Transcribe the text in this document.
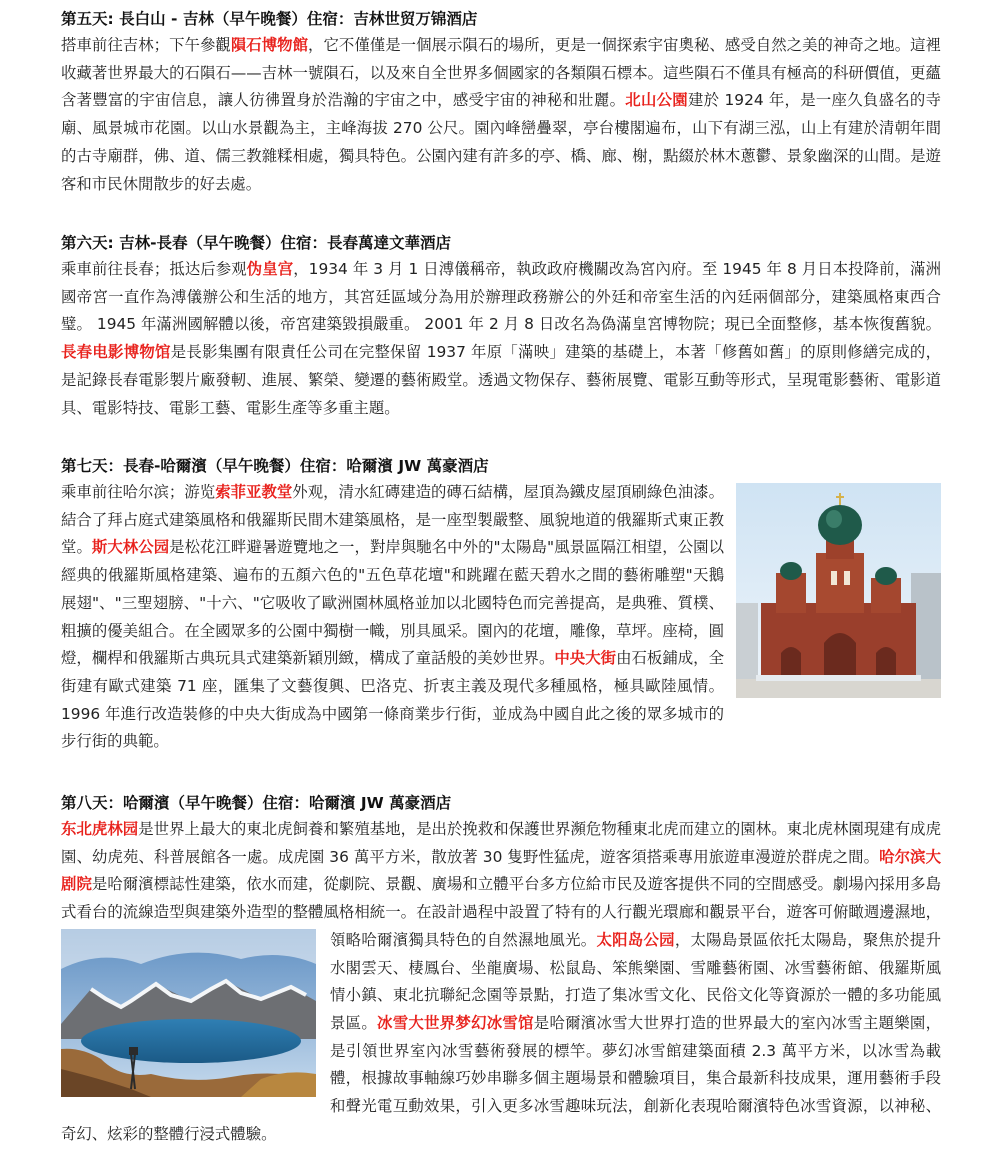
第五天: 長白山 - 吉林（早午晚餐）住宿：吉林世贸万锦酒店

搭車前往吉林；下午參觀隕石博物館，它不僅僅是一個展示隕石的場所，更是一個探索宇宙奧秘、感受自然之美的神奇之地。這裡收藏著世界最大的石隕石——吉林一號隕石，以及來自全世界多個國家的各類隕石標本。這些隕石不僅具有極高的科研價值，更蘊含著豐富的宇宙信息，讓人彷彿置身於浩瀚的宇宙之中，感受宇宙的神秘和壯麗。北山公園建於 1924 年，是一座久負盛名的寺廟、風景城市花園。以山水景觀為主，主峰海拔 270 公尺。園內峰巒疊翠，亭台樓閣遍布，山下有湖三泓，山上有建於清朝年間的古寺廟群，佛、道、儒三教雜糅相處，獨具特色。公園內建有許多的亭、橋、廊、榭，點綴於林木蔥鬱、景象幽深的山間。是遊客和市民休閒散步的好去處。

第六天: 吉林-長春（早午晚餐）住宿：長春萬達文華酒店

乘車前往長春；抵达后参观伪皇宫，1934 年 3 月 1 日溥儀稱帝，執政政府機關改為宮內府。至 1945 年 8 月日本投降前，滿洲國帝宮一直作為溥儀辦公和生活的地方，其宮廷區域分為用於辦理政務辦公的外廷和帝室生活的內廷兩個部分，建築風格東西合璧。 1945 年滿洲國解體以後，帝宮建築毀損嚴重。 2001 年 2 月 8 日改名為偽滿皇宮博物院；現已全面整修，基本恢復舊貌。長春电影博物馆是長影集團有限責任公司在完整保留 1937 年原「滿映」建築的基礎上，本著「修舊如舊」的原則修繕完成的，是記錄長春電影製片廠發軔、進展、繁榮、變遷的藝術殿堂。透過文物保存、藝術展覽、電影互動等形式，呈現電影藝術、電影道具、電影特技、電影工藝、電影生產等多重主題。

第七天：長春-哈爾濱（早午晚餐）住宿：哈爾濱 JW 萬豪酒店

乘車前往哈尔滨；游览索菲亚教堂外观，清水紅磚建造的磚石結構，屋頂為鐵皮屋頂刷綠色油漆。結合了拜占庭式建築風格和俄羅斯民間木建築風格，是一座型製嚴整、風貌地道的俄羅斯式東正教堂。斯大林公园是松花江畔避暑遊覽地之一，對岸與馳名中外的"太陽島"風景區隔江相望，公園以經典的俄羅斯風格建築、遍布的五顏六色的"五色草花壇"和跳躍在藍天碧水之間的藝術雕塑"天鵝展翅"、"三聖翅膀、"十六、"它吸收了歐洲園林風格並加以北國特色而完善提高，是典雅、質樸、粗擴的優美組合。在全國眾多的公園中獨樹一幟，別具風采。園內的花壇，雕像，草坪。座椅，圓燈，欄桿和俄羅斯古典玩具式建築新穎別緻，構成了童話般的美妙世界。中央大街由石板鋪成，全街建有歐式建築 71 座，匯集了文藝復興、巴洛克、折衷主義及現代多種風格，極具歐陸風情。 1996 年進行改造裝修的中央大街成為中國第一條商業步行街，並成為中國自此之後的眾多城市的步行街的典範。

第八天：哈爾濱（早午晚餐）住宿：哈爾濱 JW 萬豪酒店

东北虎林园是世界上最大的東北虎飼養和繁殖基地，是出於挽救和保護世界瀕危物種東北虎而建立的園林。東北虎林園現建有成虎園、幼虎苑、科普展館各一處。成虎園 36 萬平方米，散放著 30 隻野性猛虎，遊客須搭乘專用旅遊車漫遊於群虎之間。哈尔滨大剧院是哈爾濱標誌性建築，依水而建，從劇院、景觀、廣場和立體平台多方位給市民及遊客提供不同的空間感受。劇場內採用多島式看台的流線造型與建築外造型的整體風格相統一。在設計過程中設置了特有的人行觀光環廊和觀景平台，遊客可俯瞰週邊濕地，領略哈爾濱獨具特色的自然濕地風光。太阳岛公园
，太陽島景區依托太陽島，聚焦於提升水閣雲天、棲鳳台、坐龍廣場、松鼠島、笨熊樂園、雪雕藝術園、冰雪藝術館、俄羅斯風情小鎮、東北抗聯紀念園等景點，打造了集冰雪文化、民俗文化等資源於一體的多功能風景區。冰雪大世界梦幻冰雪馆是哈爾濱冰雪大世界打造的世界最大的室內冰雪主題樂園，是引領世界室內冰雪藝術發展的標竿。夢幻冰雪館建築面積 2.3 萬平方米，以冰雪為載體，根據故事軸線巧妙串聯多個主題場景和體驗項目，集合最新科技成果，運用藝術手段和聲光電互動效果，引入更多冰雪趣味玩法，創新化表現哈爾濱特色冰雪資源，以神秘、奇幻、炫彩的整體行浸式體驗。
